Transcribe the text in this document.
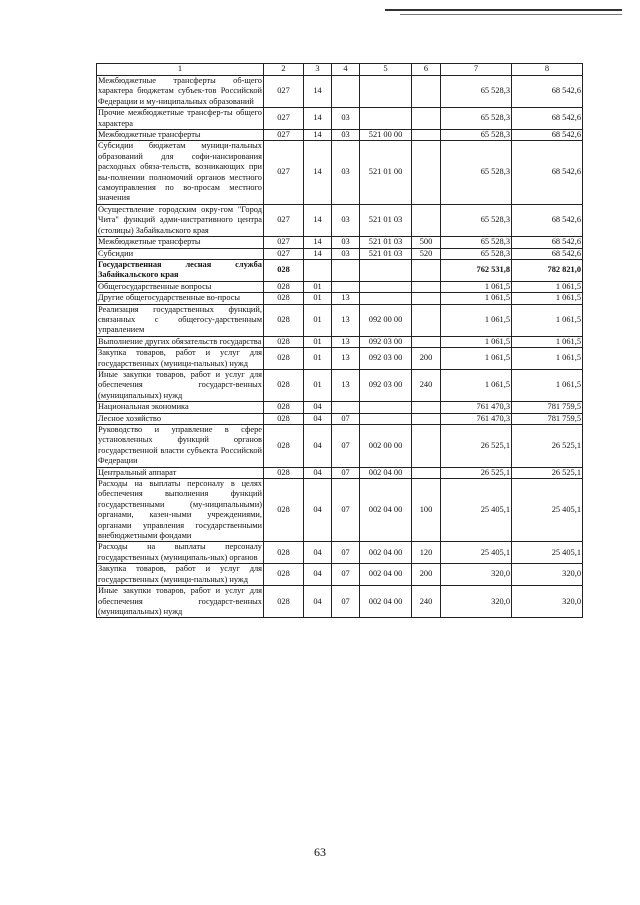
1	2	3	4	5	6	7	8
Межбюджетные трансферты об-щего характера бюджетам субъек-тов Российской Федерации и му-ниципальных образований	027	14				65 528,3	68 542,6
Прочие межбюджетные трансфер-ты общего характера	027	14	03			65 528,3	68 542,6
Межбюджетные трансферты	027	14	03	521 00 00		65 528,3	68 542,6
Субсидии бюджетам муници-пальных образований для софи-нансирования расходных обяза-тельств, возникающих при вы-полнении полномочий органов местного самоуправления по во-просам местного значения	027	14	03	521 01 00		65 528,3	68 542,6
Осуществление городским окру-гом "Город Чита" функций адми-нистративного центра (столицы) Забайкальского края	027	14	03	521 01 03		65 528,3	68 542,6
Межбюджетные трансферты	027	14	03	521 01 03	500	65 528,3	68 542,6
Субсидии	027	14	03	521 01 03	520	65 528,3	68 542,6
Государственная лесная служба Забайкальского края	028					762 531,8	782 821,0
Общегосударственные вопросы	028	01				1 061,5	1 061,5
Другие общегосударственные во-просы	028	01	13			1 061,5	1 061,5
Реализация государственных функций, связанных с общегосу-дарственным управлением	028	01	13	092 00 00		1 061,5	1 061,5
Выполнение других обязательств государства	028	01	13	092 03 00		1 061,5	1 061,5
Закупка товаров, работ и услуг для государственных (муници-пальных) нужд	028	01	13	092 03 00	200	1 061,5	1 061,5
Иные закупки товаров, работ и услуг для обеспечения государст-венных (муниципальных) нужд	028	01	13	092 03 00	240	1 061,5	1 061,5
Национальная экономика	028	04				761 470,3	781 759,5
Лесное хозяйство	028	04	07			761 470,3	781 759,5
Руководство и управление в сфере установленных функций органов государственной власти субъекта Российской Федерации	028	04	07	002 00 00		26 525,1	26 525,1
Центральный аппарат	028	04	07	002 04 00		26 525,1	26 525,1
Расходы на выплаты персоналу в целях обеспечения выполнения функций государственными (му-ниципальными) органами, казен-ными учреждениями, органами управления государственными внебюджетными фондами	028	04	07	002 04 00	100	25 405,1	25 405,1
Расходы на выплаты персоналу государственных (муниципаль-ных) органов	028	04	07	002 04 00	120	25 405,1	25 405,1
Закупка товаров, работ и услуг для государственных (муници-пальных) нужд	028	04	07	002 04 00	200	320,0	320,0
Иные закупки товаров, работ и услуг для обеспечения государст-венных (муниципальных) нужд	028	04	07	002 04 00	240	320,0	320,0
63
